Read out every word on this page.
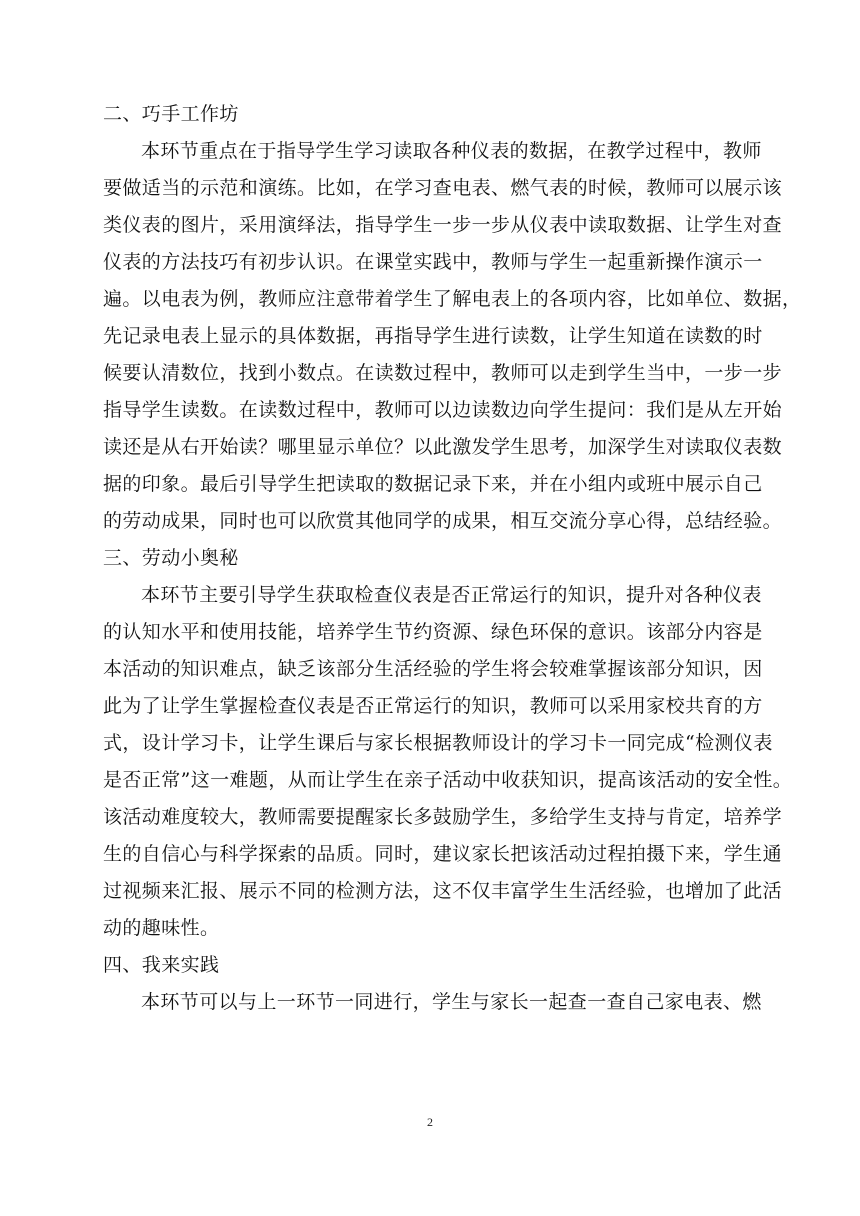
二、巧手工作坊
本环节重点在于指导学生学习读取各种仪表的数据，在教学过程中，教师
要做适当的示范和演练。比如，在学习查电表、燃气表的时候，教师可以展示该
类仪表的图片，采用演绎法，指导学生一步一步从仪表中读取数据、让学生对查
仪表的方法技巧有初步认识。在课堂实践中，教师与学生一起重新操作演示一
遍。以电表为例，教师应注意带着学生了解电表上的各项内容，比如单位、数据，
先记录电表上显示的具体数据，再指导学生进行读数，让学生知道在读数的时
候要认清数位，找到小数点。在读数过程中，教师可以走到学生当中，一步一步
指导学生读数。在读数过程中，教师可以边读数边向学生提问：我们是从左开始
读还是从右开始读？哪里显示单位？以此激发学生思考，加深学生对读取仪表数
据的印象。最后引导学生把读取的数据记录下来，并在小组内或班中展示自己
的劳动成果，同时也可以欣赏其他同学的成果，相互交流分享心得，总结经验。
三、劳动小奥秘
本环节主要引导学生获取检查仪表是否正常运行的知识，提升对各种仪表
的认知水平和使用技能，培养学生节约资源、绿色环保的意识。该部分内容是
本活动的知识难点，缺乏该部分生活经验的学生将会较难掌握该部分知识，因
此为了让学生掌握检查仪表是否正常运行的知识，教师可以采用家校共育的方
式，设计学习卡，让学生课后与家长根据教师设计的学习卡一同完成“检测仪表
是否正常”这一难题，从而让学生在亲子活动中收获知识，提高该活动的安全性。
该活动难度较大，教师需要提醒家长多鼓励学生，多给学生支持与肯定，培养学
生的自信心与科学探索的品质。同时，建议家长把该活动过程拍摄下来，学生通
过视频来汇报、展示不同的检测方法，这不仅丰富学生生活经验，也增加了此活
动的趣味性。
四、我来实践
本环节可以与上一环节一同进行，学生与家长一起查一查自己家电表、燃
2
